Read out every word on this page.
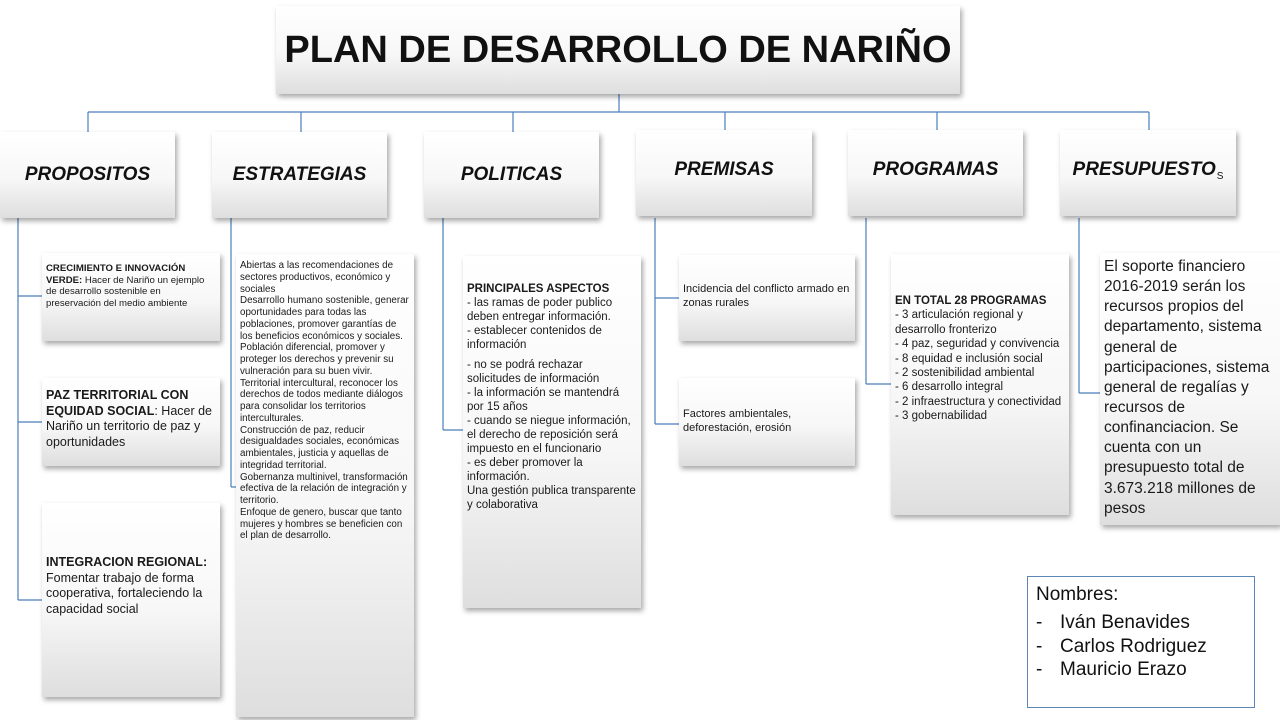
PLAN DE DESARROLLO DE NARIÑO
PROPOSITOS	ESTRATEGIAS	POLITICAS	PREMISAS	PROGRAMAS	PRESUPUESTO S
CRECIMIENTO E INNOVACIÓN VERDE: Hacer de Nariño un ejemplo de desarrollo sostenible en preservación del medio ambiente
PAZ TERRITORIAL CON EQUIDAD SOCIAL: Hacer de Nariño un territorio de paz y oportunidades
INTEGRACION REGIONAL:
Fomentar trabajo de forma cooperativa, fortaleciendo la capacidad social
Abiertas a las recomendaciones de sectores productivos, económico y sociales
Desarrollo humano sostenible, generar oportunidades para todas las poblaciones, promover garantías de los beneficios económicos y sociales.
Población diferencial, promover y proteger los derechos y prevenir su vulneración para su buen vivir.
Territorial intercultural, reconocer los derechos de todos mediante diálogos para consolidar los territorios interculturales.
Construcción de paz, reducir desigualdades sociales, económicas ambientales, justicia y aquellas de integridad territorial.
Gobernanza multinivel, transformación efectiva de la relación de integración y territorio.
Enfoque de genero, buscar que tanto mujeres y hombres se beneficien con el plan de desarrollo.
PRINCIPALES ASPECTOS
- las ramas de poder publico deben entregar información.
- establecer contenidos de información
- no se podrá rechazar solicitudes de información
- la información se mantendrá por 15 años
- cuando se niegue información, el derecho de reposición será impuesto en el funcionario
- es deber promover la información.
Una gestión publica transparente y colaborativa
Incidencia del conflicto armado en zonas rurales
Factores ambientales, deforestación, erosión
EN TOTAL 28 PROGRAMAS
- 3 articulación regional y desarrollo fronterizo
- 4 paz, seguridad y convivencia
- 8 equidad e inclusión social
- 2 sostenibilidad ambiental
- 6 desarrollo integral
- 2 infraestructura y conectividad
- 3 gobernabilidad
El soporte financiero 2016-2019 serán los recursos propios del departamento, sistema general de participaciones, sistema general de regalías y recursos de confinanciacion. Se cuenta con un presupuesto total de 3.673.218 millones de pesos
Nombres:
- Iván Benavides
- Carlos Rodriguez
- Mauricio Erazo
